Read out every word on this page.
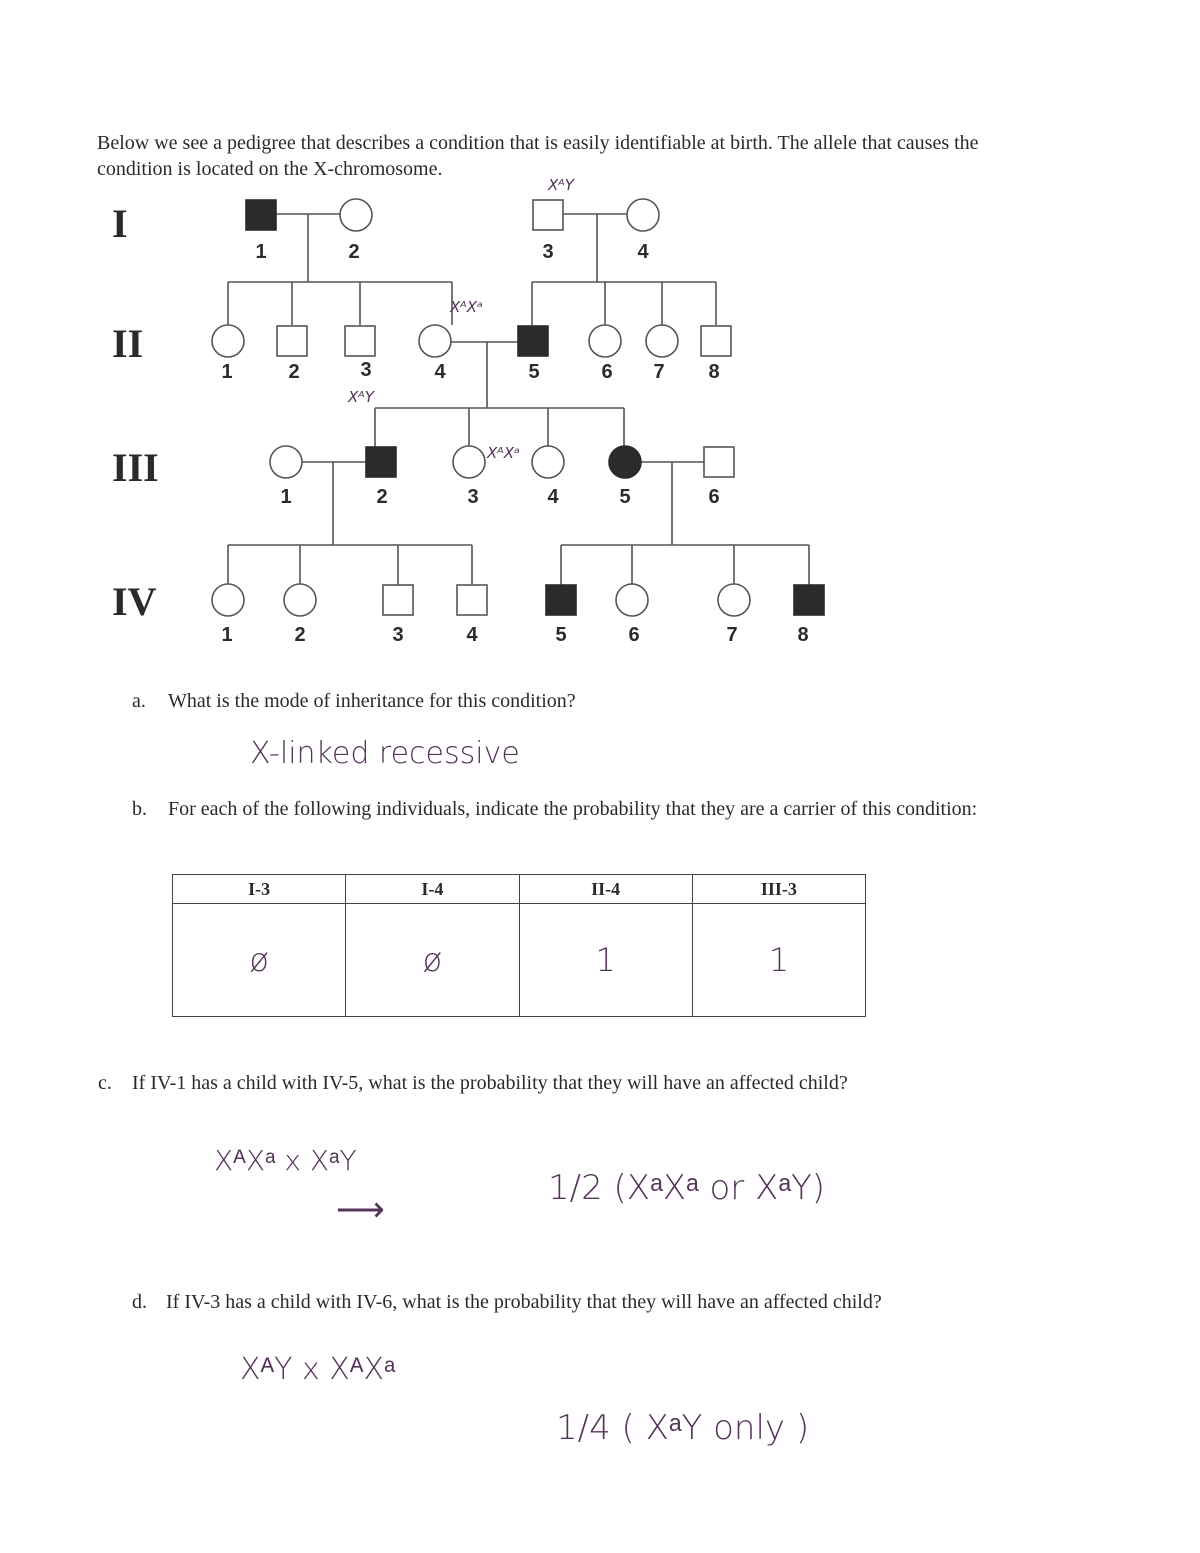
Below we see a pedigree that describes a condition that is easily identifiable at birth. The allele that causes the condition is located on the X-chromosome.
I
II
III
IV
1	2	3	4
1	2	3	4	5	6 7 8
1	2	3	4	5	6
1	2	3	4	5	6	7	8
XᴬY
XᴬXᵃ
XᴬY
XᴬXᵃ
a. What is the mode of inheritance for this condition?
X-linked recessive
b. For each of the following individuals, indicate the probability that they are a carrier of this condition:
I-3	I-4	II-4	III-3
ø	ø	1	1
c. If IV-1 has a child with IV-5, what is the probability that they will have an affected child?
XᴬXᵃ x XᵃY
⟶
1/2 (XᵃXᵃ or XᵃY)
d. If IV-3 has a child with IV-6, what is the probability that they will have an affected child?
XᴬY x XᴬXᵃ
1/4 ( XᵃY only )
